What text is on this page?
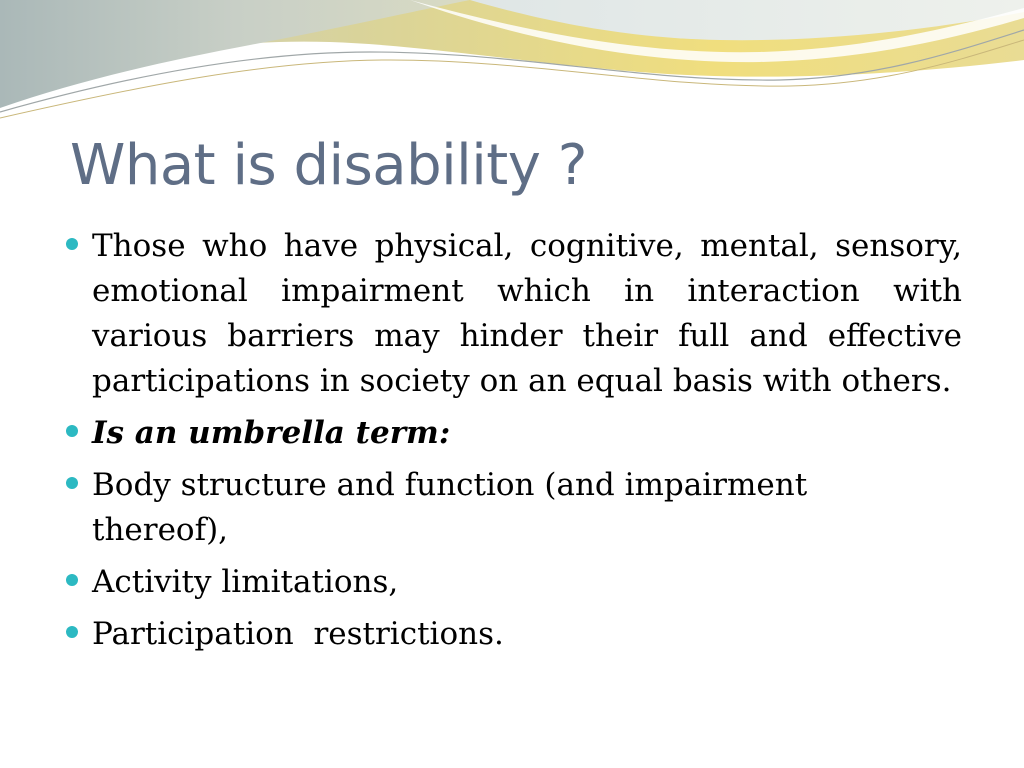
What is disability ?
Those who have physical, cognitive, mental, sensory, emotional impairment which in interaction with various barriers may hinder their full and effective participations in society on an equal basis with others.
Is an umbrella term:
Body structure and function (and impairment thereof),
Activity limitations,
Participation  restrictions.
